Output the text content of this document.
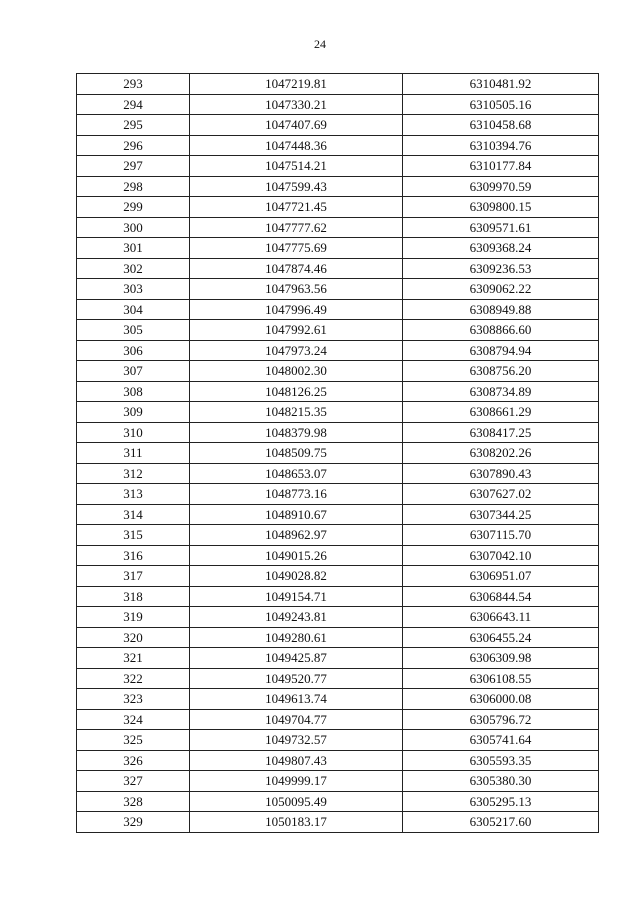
24
293	1047219.81	6310481.92
294	1047330.21	6310505.16
295	1047407.69	6310458.68
296	1047448.36	6310394.76
297	1047514.21	6310177.84
298	1047599.43	6309970.59
299	1047721.45	6309800.15
300	1047777.62	6309571.61
301	1047775.69	6309368.24
302	1047874.46	6309236.53
303	1047963.56	6309062.22
304	1047996.49	6308949.88
305	1047992.61	6308866.60
306	1047973.24	6308794.94
307	1048002.30	6308756.20
308	1048126.25	6308734.89
309	1048215.35	6308661.29
310	1048379.98	6308417.25
311	1048509.75	6308202.26
312	1048653.07	6307890.43
313	1048773.16	6307627.02
314	1048910.67	6307344.25
315	1048962.97	6307115.70
316	1049015.26	6307042.10
317	1049028.82	6306951.07
318	1049154.71	6306844.54
319	1049243.81	6306643.11
320	1049280.61	6306455.24
321	1049425.87	6306309.98
322	1049520.77	6306108.55
323	1049613.74	6306000.08
324	1049704.77	6305796.72
325	1049732.57	6305741.64
326	1049807.43	6305593.35
327	1049999.17	6305380.30
328	1050095.49	6305295.13
329	1050183.17	6305217.60
